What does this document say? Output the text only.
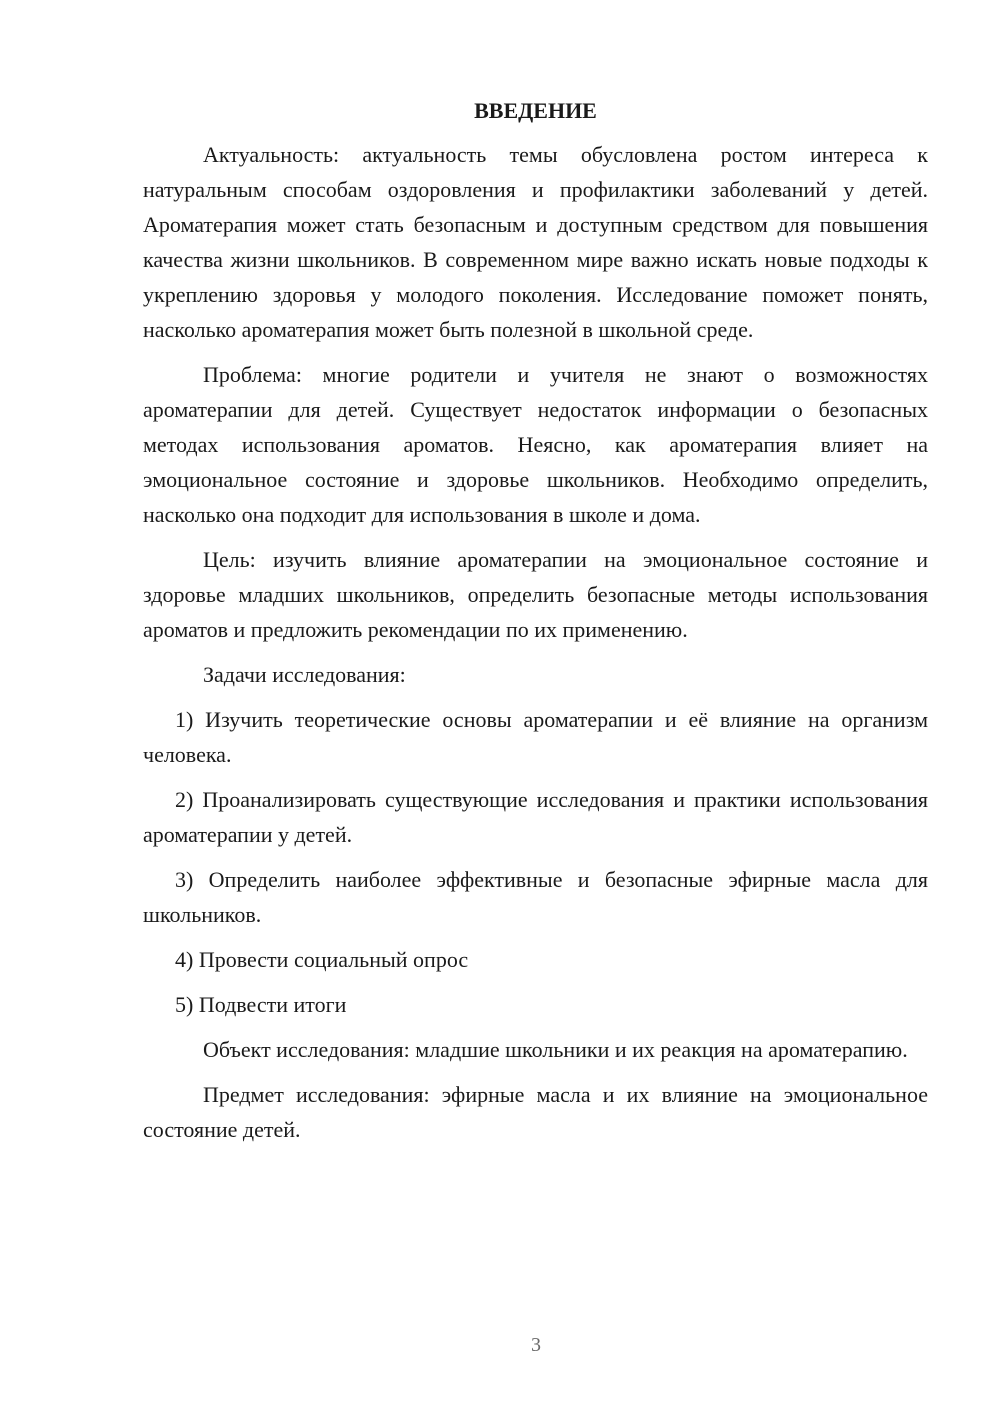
ВВЕДЕНИЕ

Актуальность: актуальность темы обусловлена ростом интереса к натуральным способам оздоровления и профилактики заболеваний у детей. Ароматерапия может стать безопасным и доступным средством для повышения качества жизни школьников. В современном мире важно искать новые подходы к укреплению здоровья у молодого поколения. Исследование поможет понять, насколько ароматерапия может быть полезной в школьной среде.

Проблема: многие родители и учителя не знают о возможностях ароматерапии для детей. Существует недостаток информации о безопасных методах использования ароматов. Неясно, как ароматерапия влияет на эмоциональное состояние и здоровье школьников. Необходимо определить, насколько она подходит для использования в школе и дома.

Цель: изучить влияние ароматерапии на эмоциональное состояние и здоровье младших школьников, определить безопасные методы использования ароматов и предложить рекомендации по их применению.

Задачи исследования:

1) Изучить теоретические основы ароматерапии и её влияние на организм человека.

2) Проанализировать существующие исследования и практики использования ароматерапии у детей.

3) Определить наиболее эффективные и безопасные эфирные масла для школьников.

4) Провести социальный опрос

5) Подвести итоги

Объект исследования: младшие школьники и их реакция на ароматерапию.

Предмет исследования: эфирные масла и их влияние на эмоциональное состояние детей.

3
